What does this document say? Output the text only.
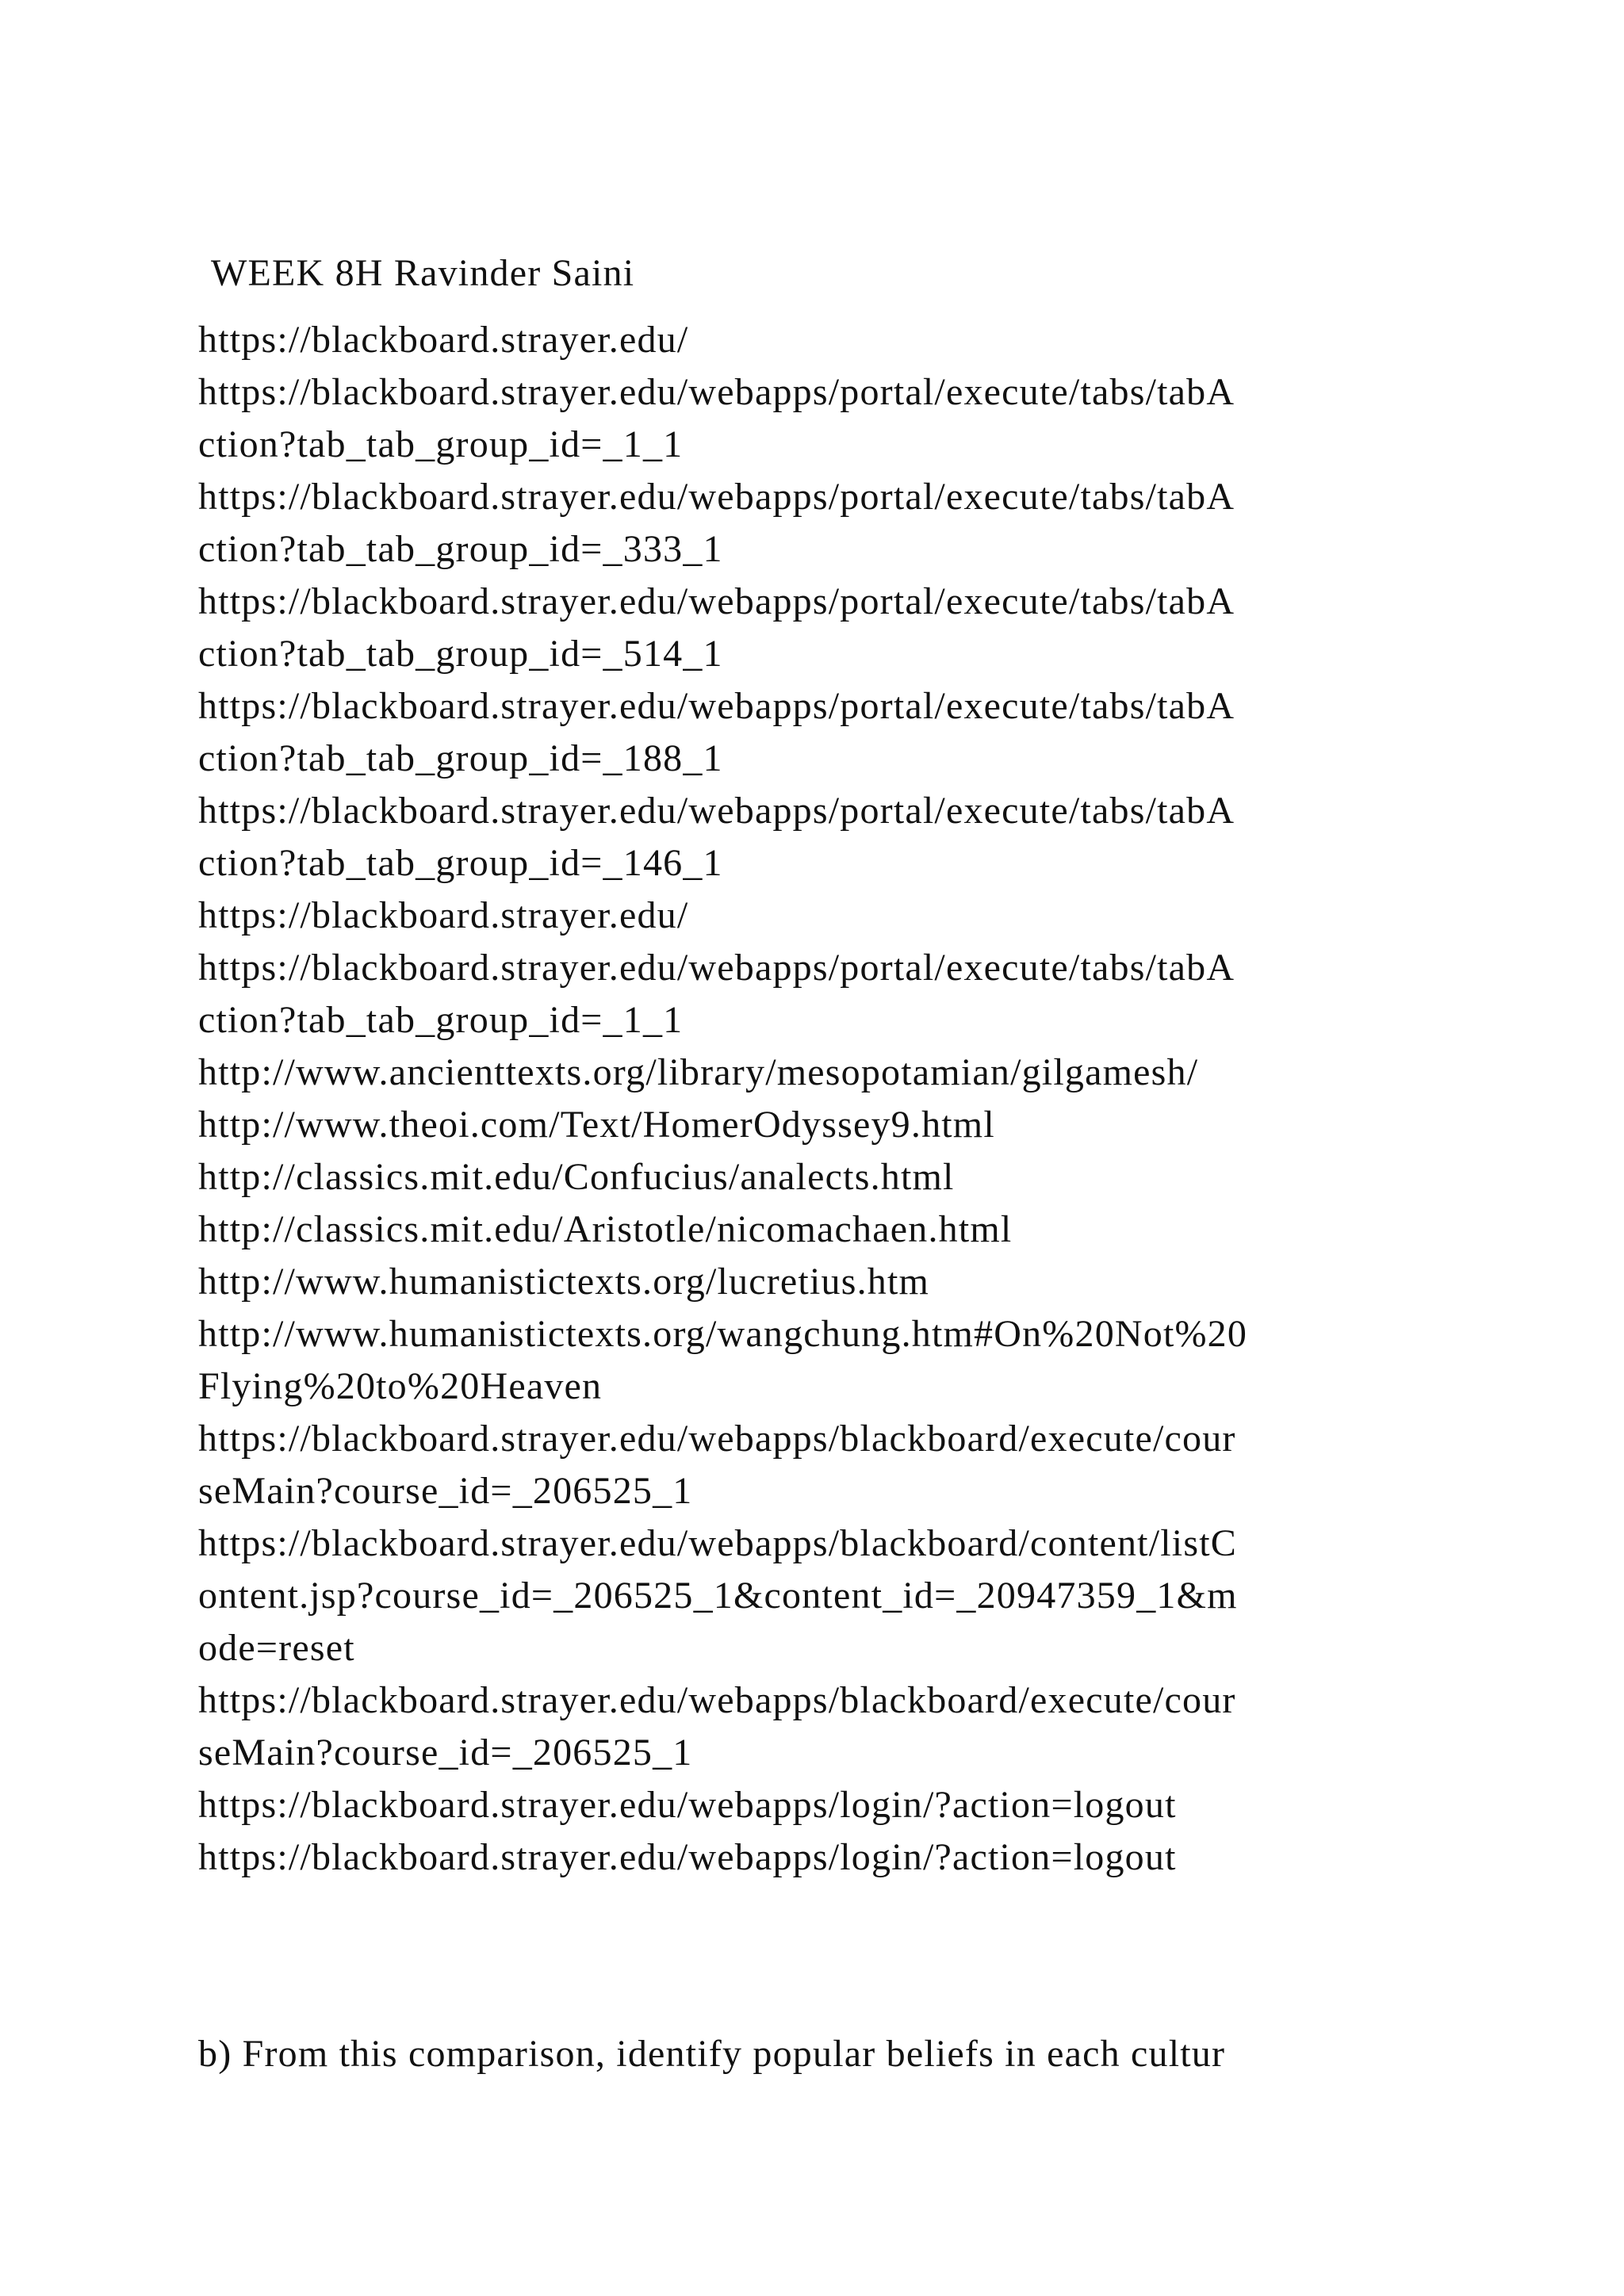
WEEK 8H Ravinder Saini

https://blackboard.strayer.edu/

https://blackboard.strayer.edu/webapps/portal/execute/tabs/tabA

ction?tab_tab_group_id=_1_1

https://blackboard.strayer.edu/webapps/portal/execute/tabs/tabA

ction?tab_tab_group_id=_333_1

https://blackboard.strayer.edu/webapps/portal/execute/tabs/tabA

ction?tab_tab_group_id=_514_1

https://blackboard.strayer.edu/webapps/portal/execute/tabs/tabA

ction?tab_tab_group_id=_188_1

https://blackboard.strayer.edu/webapps/portal/execute/tabs/tabA

ction?tab_tab_group_id=_146_1

https://blackboard.strayer.edu/

https://blackboard.strayer.edu/webapps/portal/execute/tabs/tabA

ction?tab_tab_group_id=_1_1

http://www.ancienttexts.org/library/mesopotamian/gilgamesh/

http://www.theoi.com/Text/HomerOdyssey9.html

http://classics.mit.edu/Confucius/analects.html

http://classics.mit.edu/Aristotle/nicomachaen.html

http://www.humanistictexts.org/lucretius.htm

http://www.humanistictexts.org/wangchung.htm#On%20Not%20

Flying%20to%20Heaven

https://blackboard.strayer.edu/webapps/blackboard/execute/cour

seMain?course_id=_206525_1

https://blackboard.strayer.edu/webapps/blackboard/content/listC

ontent.jsp?course_id=_206525_1&content_id=_20947359_1&m

ode=reset

https://blackboard.strayer.edu/webapps/blackboard/execute/cour

seMain?course_id=_206525_1

https://blackboard.strayer.edu/webapps/login/?action=logout

https://blackboard.strayer.edu/webapps/login/?action=logout

b) From this comparison, identify popular beliefs in each cultur
